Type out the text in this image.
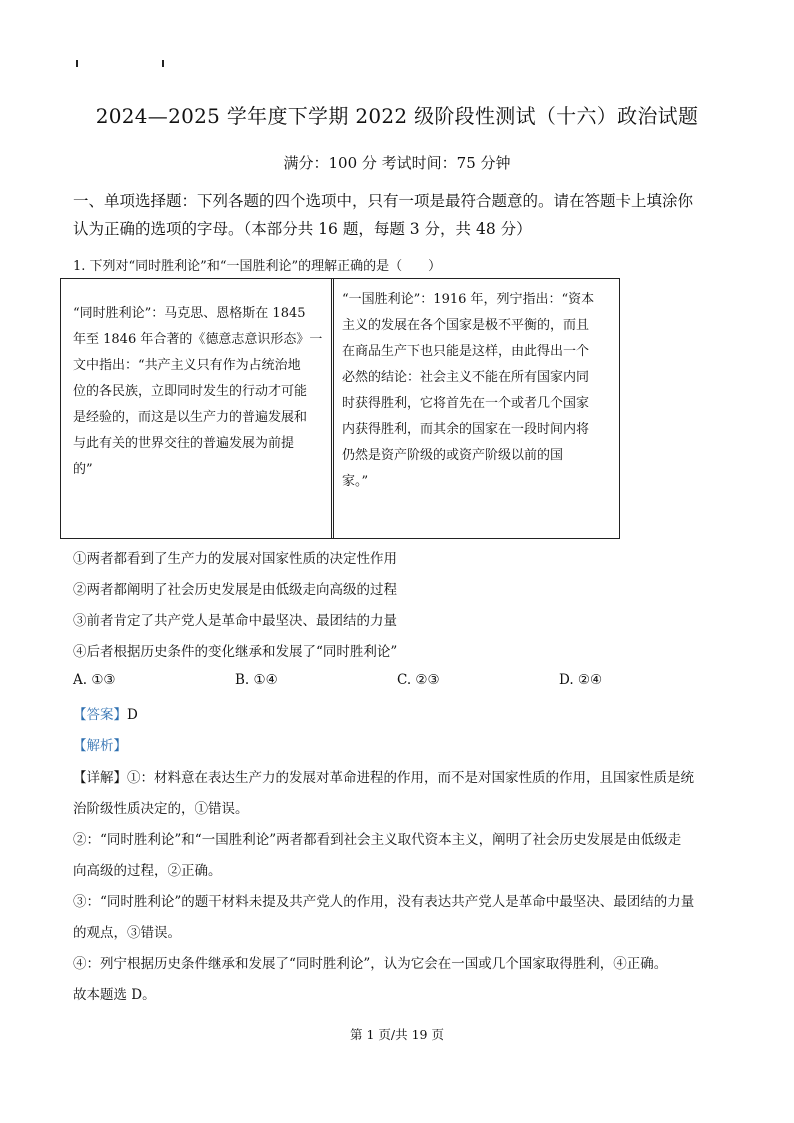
2024—2025 学年度下学期 2022 级阶段性测试（十六）政治试题
满分：100 分 考试时间：75 分钟

一、单项选择题：下列各题的四个选项中，只有一项是最符合题意的。请在答题卡上填涂你

认为正确的选项的字母。（本部分共 16 题，每题 3 分，共 48 分）

1. 下列对“同时胜利论”和“一国胜利论”的理解正确的是（　　）
“同时胜利论”：马克思、恩格斯在 1845
年至 1846 年合著的《德意志意识形态》一
文中指出：“共产主义只有作为占统治地
位的各民族，立即同时发生的行动才可能
是经验的，而这是以生产力的普遍发展和
与此有关的世界交往的普遍发展为前提
的”
“一国胜利论”：1916 年，列宁指出：“资本
主义的发展在各个国家是极不平衡的，而且
在商品生产下也只能是这样，由此得出一个
必然的结论：社会主义不能在所有国家内同
时获得胜利，它将首先在一个或者几个国家
内获得胜利，而其余的国家在一段时间内将
仍然是资产阶级的或资产阶级以前的国
家。”
①两者都看到了生产力的发展对国家性质的决定性作用
②两者都阐明了社会历史发展是由低级走向高级的过程
③前者肯定了共产党人是革命中最坚决、最团结的力量
④后者根据历史条件的变化继承和发展了“同时胜利论”
A. ①③	B. ①④	C. ②③	D. ②④
【答案】D
【解析】
【详解】①：材料意在表达生产力的发展对革命进程的作用，而不是对国家性质的作用，且国家性质是统
治阶级性质决定的，①错误。
②：“同时胜利论”和“一国胜利论”两者都看到社会主义取代资本主义，阐明了社会历史发展是由低级走
向高级的过程，②正确。
③：“同时胜利论”的题干材料未提及共产党人的作用，没有表达共产党人是革命中最坚决、最团结的力量
的观点，③错误。
④：列宁根据历史条件继承和发展了“同时胜利论”，认为它会在一国或几个国家取得胜利，④正确。
故本题选 D。
第 1 页/共 19 页
